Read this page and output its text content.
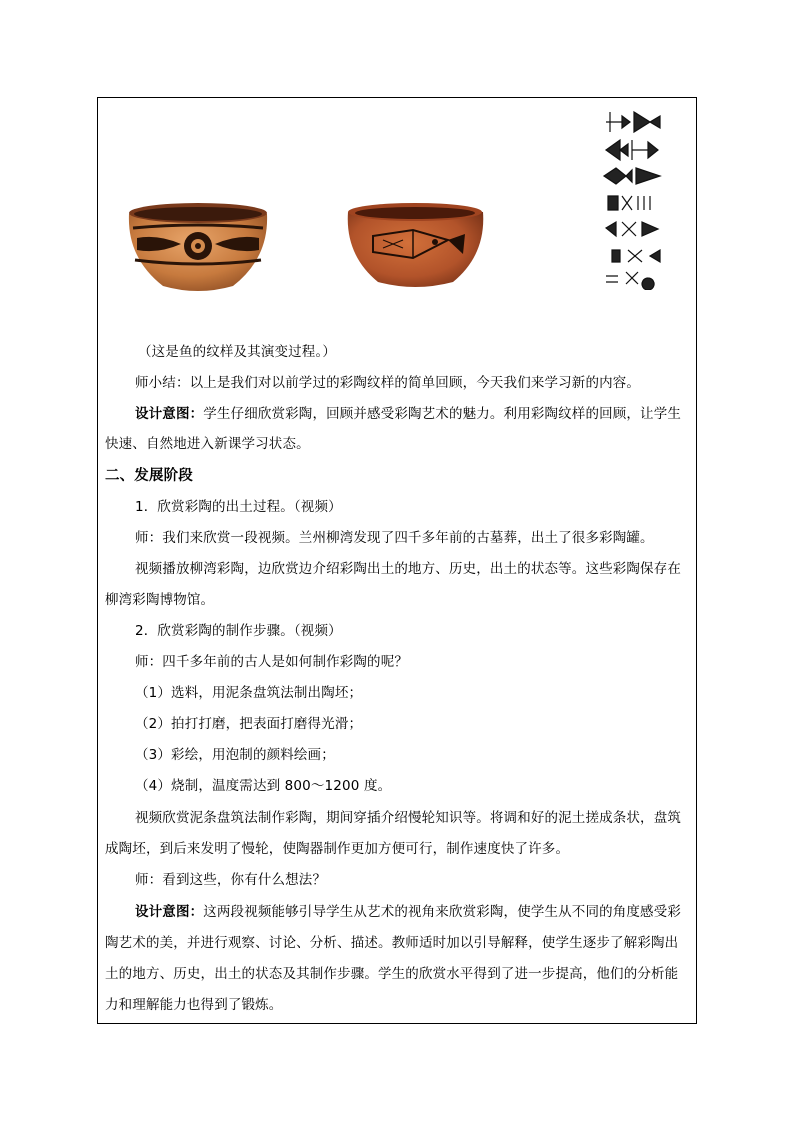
（这是鱼的纹样及其演变过程。）
师小结：以上是我们对以前学过的彩陶纹样的简单回顾，今天我们来学习新的内容。
设计意图：学生仔细欣赏彩陶，回顾并感受彩陶艺术的魅力。利用彩陶纹样的回顾，让学生
快速、自然地进入新课学习状态。
二、发展阶段
1．欣赏彩陶的出土过程。（视频）
师：我们来欣赏一段视频。兰州柳湾发现了四千多年前的古墓葬，出土了很多彩陶罐。
视频播放柳湾彩陶，边欣赏边介绍彩陶出土的地方、历史，出土的状态等。这些彩陶保存在
柳湾彩陶博物馆。
2．欣赏彩陶的制作步骤。（视频）
师：四千多年前的古人是如何制作彩陶的呢？
（1）选料，用泥条盘筑法制出陶坯；
（2）拍打打磨，把表面打磨得光滑；
（3）彩绘，用泡制的颜料绘画；
（4）烧制，温度需达到 800～1200 度。
视频欣赏泥条盘筑法制作彩陶，期间穿插介绍慢轮知识等。将调和好的泥土搓成条状，盘筑
成陶坯，到后来发明了慢轮，使陶器制作更加方便可行，制作速度快了许多。
师：看到这些，你有什么想法？
设计意图：这两段视频能够引导学生从艺术的视角来欣赏彩陶，使学生从不同的角度感受彩
陶艺术的美，并进行观察、讨论、分析、描述。教师适时加以引导解释，使学生逐步了解彩陶出
土的地方、历史，出土的状态及其制作步骤。学生的欣赏水平得到了进一步提高，他们的分析能
力和理解能力也得到了锻炼。
